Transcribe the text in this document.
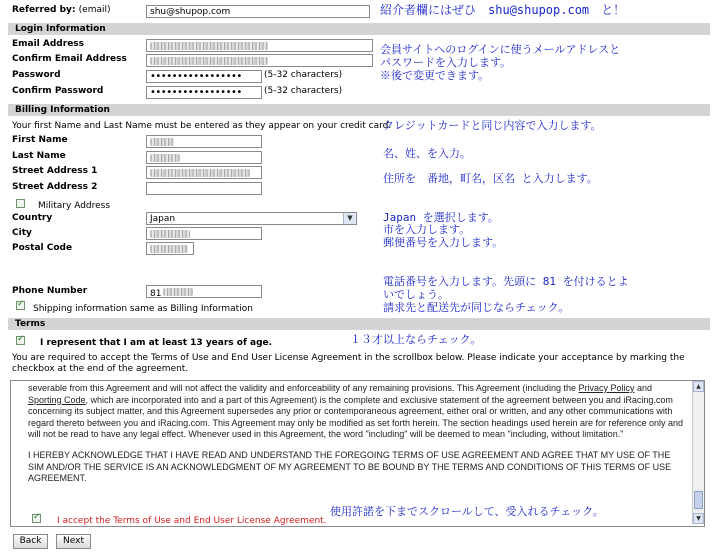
Referred by: (email)	shu@shupop.com	紹介者欄にはぜひ　shu@shupop.com　と！
Login Information
Email Address
Confirm Email Address
Password	•••••••••••••••••	(5-32 characters)
Confirm Password	•••••••••••••••••	(5-32 characters)
会員サイトへのログインに使うメールアドレスと
パスワードを入力します。
※後で変更できます。
Billing Information
Your first Name and Last Name must be entered as they appear on your credit card.
クレジットカードと同じ内容で入力します。
First Name
Last Name	名、姓、を入力。
Street Address 1
Street Address 2
住所を　番地，町名，区名 と入力します。
Military Address
Country	Japan	▼
City
Postal Code
Japan を選択します。
市を入力します。
郵便番号を入力します。
Phone Number	81
✓
Shipping information same as Billing Information
電話番号を入力します。先頭に 81 を付けるとよ
いでしょう。
請求先と配送先が同じならチェック。
Terms
✓
I represent that I am at least 13 years of age.	１３才以上ならチェック。
You are required to accept the Terms of Use and End User License Agreement in the scrollbox below. Please indicate your acceptance by marking the checkbox at the end of the agreement.

severable from this Agreement and will not affect the validity and enforceability of any remaining provisions. This Agreement (including the Privacy Policy and Sporting Code, which are incorporated into and a part of this Agreement) is the complete and exclusive statement of the agreement between you and iRacing.com concerning its subject matter, and this Agreement supersedes any prior or contemporaneous agreement, either oral or written, and any other communications with regard thereto between you and iRacing.com. This Agreement may only be modified as set forth herein. The section headings used herein are for reference only and will not be read to have any legal effect. Whenever used in this Agreement, the word "including" will be deemed to mean "including, without limitation."

I HEREBY ACKNOWLEDGE THAT I HAVE READ AND UNDERSTAND THE FOREGOING TERMS OF USE AGREEMENT AND AGREE THAT MY USE OF THE SIM AND/OR THE SERVICE IS AN ACKNOWLEDGMENT OF MY AGREEMENT TO BE BOUND BY THE TERMS AND CONDITIONS OF THIS TERMS OF USE AGREEMENT.

✓
I accept the Terms of Use and End User License Agreement.
▲
▼
使用許諾を下までスクロールして、受入れるチェック。
Back	Next
